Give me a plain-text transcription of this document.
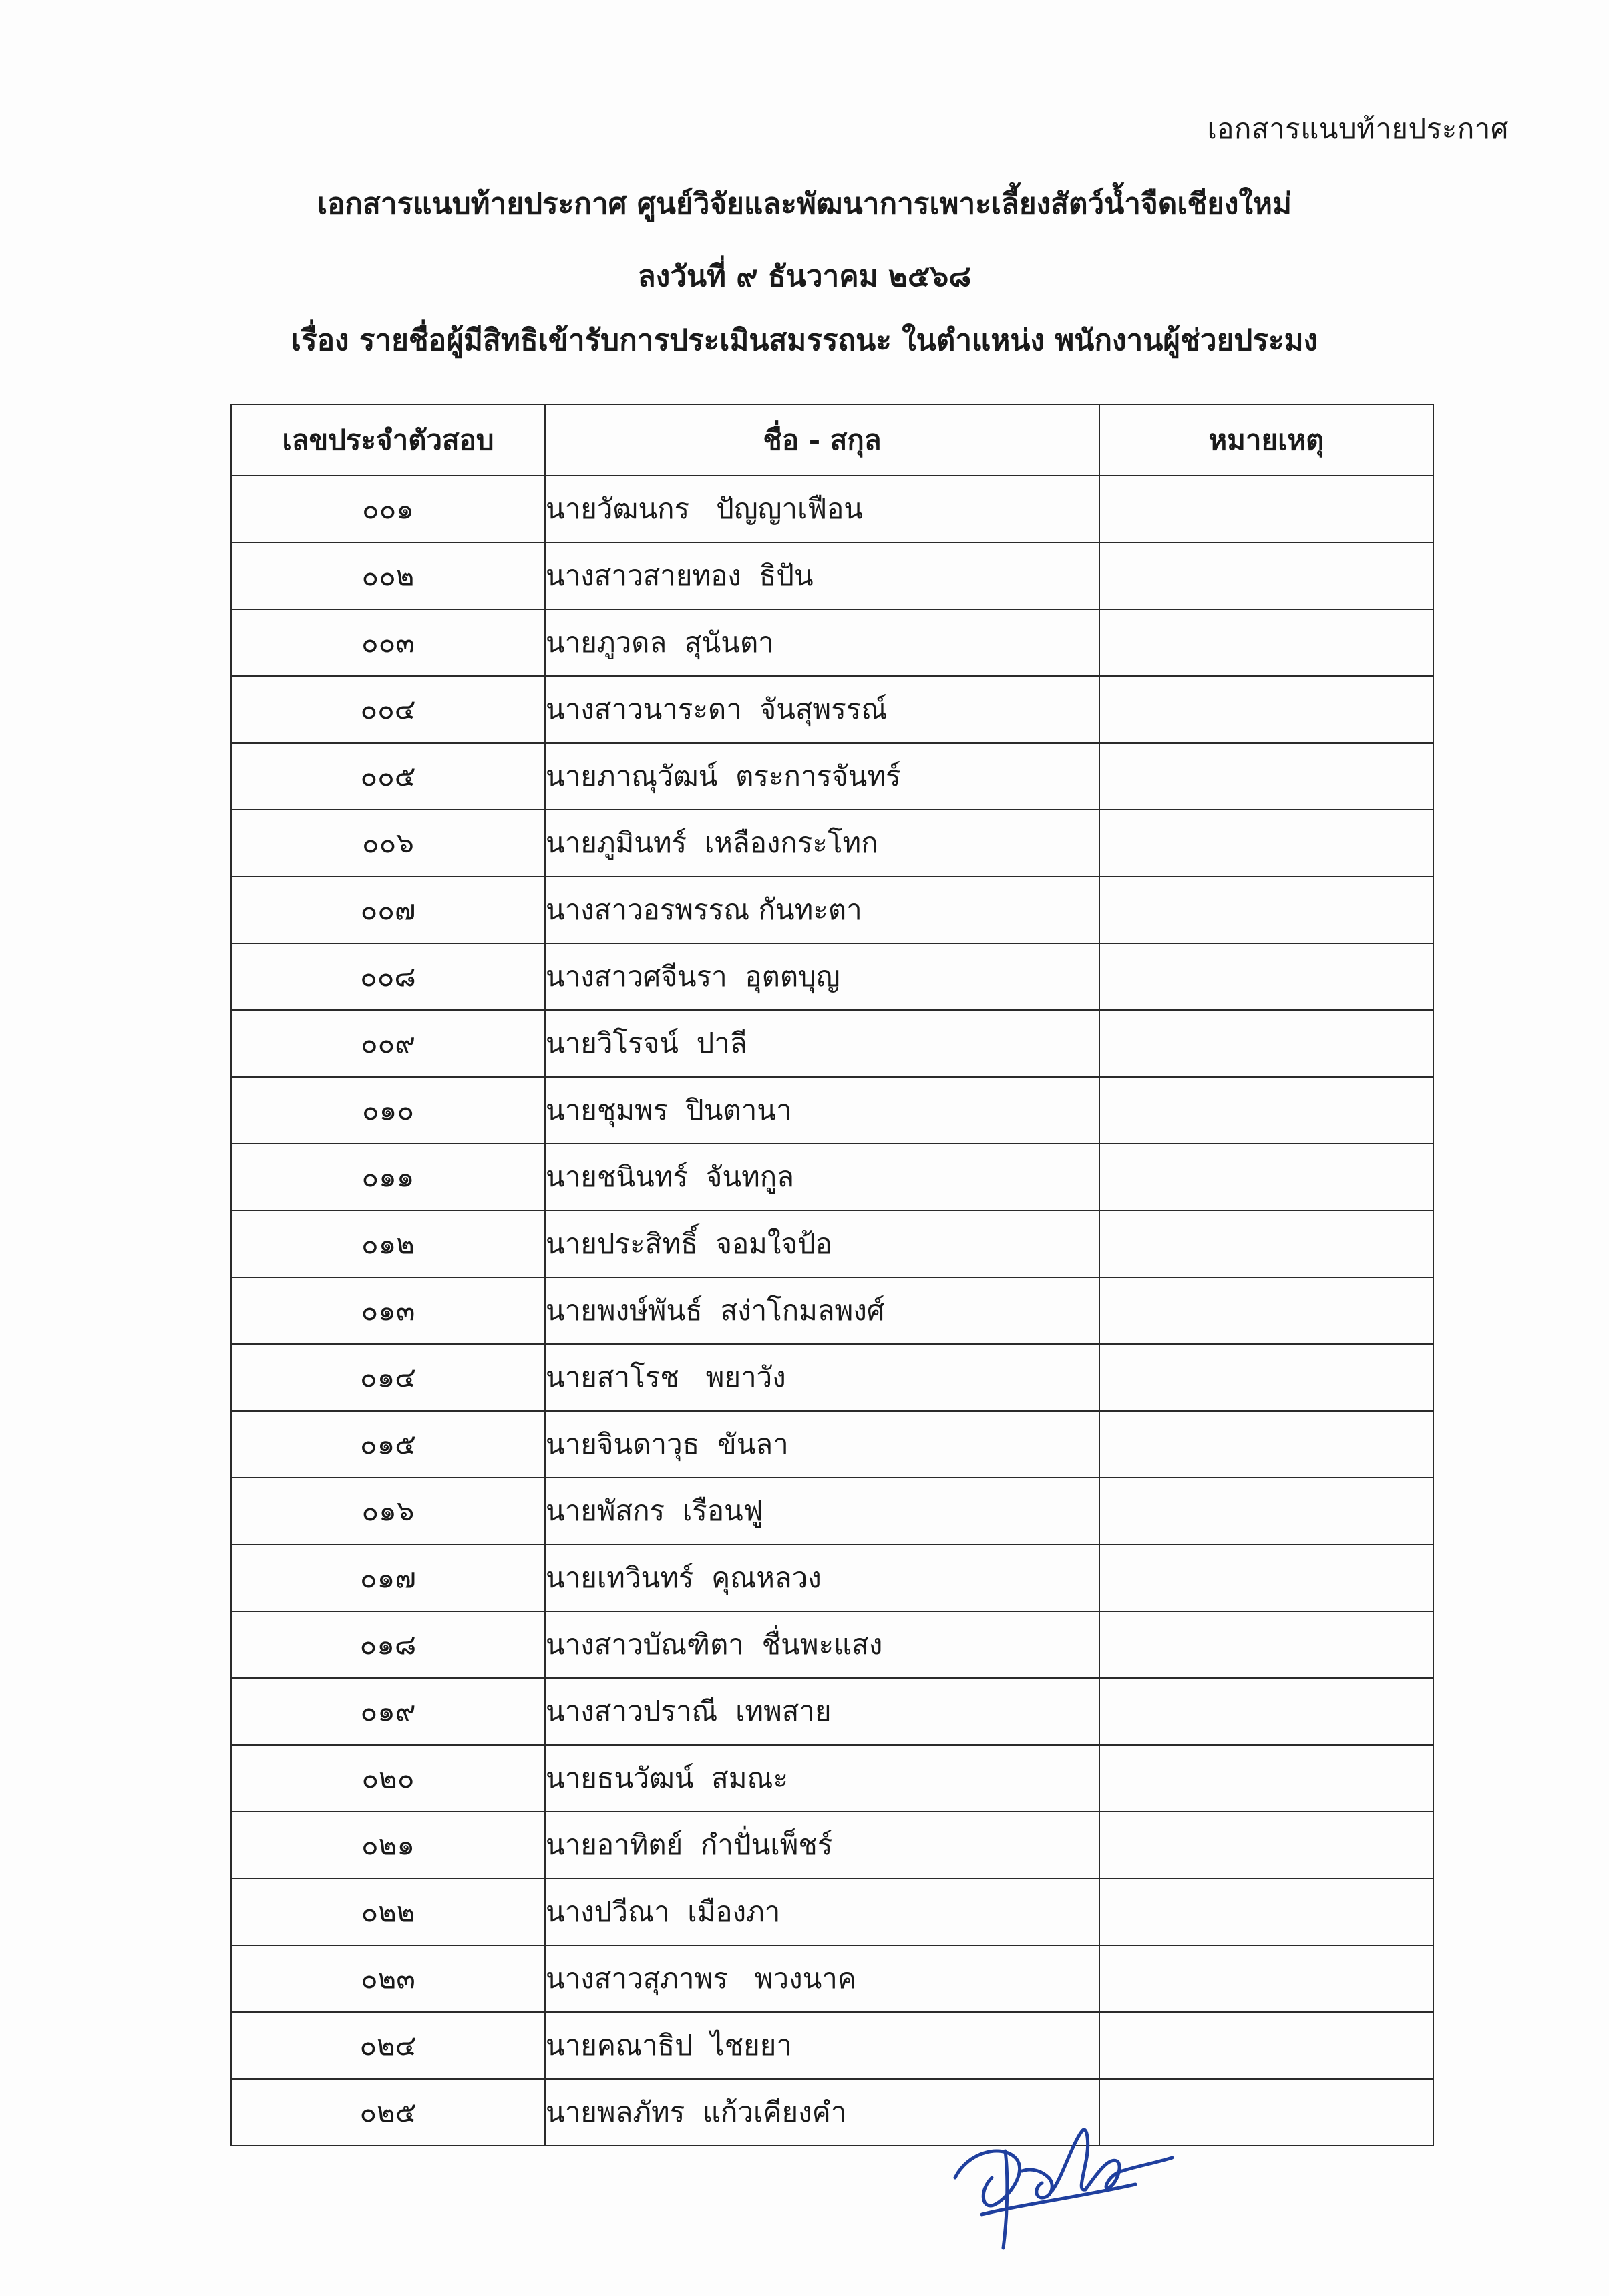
เอกสารแนบท้ายประกาศ
เอกสารแนบท้ายประกาศ ศูนย์วิจัยและพัฒนาการเพาะเลี้ยงสัตว์น้ำจืดเชียงใหม่
ลงวันที่ ๙ ธันวาคม ๒๕๖๘
เรื่อง รายชื่อผู้มีสิทธิเข้ารับการประเมินสมรรถนะ ในตำแหน่ง พนักงานผู้ช่วยประมง
เลขประจำตัวสอบ	ชื่อ - สกุล	หมายเหตุ
๐๐๑	นายวัฒนกร   ปัญญาเฟือน	
๐๐๒	นางสาวสายทอง  ธิปัน	
๐๐๓	นายภูวดล  สุนันตา	
๐๐๔	นางสาวนาระดา  จันสุพรรณ์	
๐๐๕	นายภาณุวัฒน์  ตระการจันทร์	
๐๐๖	นายภูมินทร์  เหลืองกระโทก	
๐๐๗	นางสาวอรพรรณ กันทะตา	
๐๐๘	นางสาวศจีนรา  อุตตบุญ	
๐๐๙	นายวิโรจน์  ปาลี	
๐๑๐	นายชุมพร  ปินตานา	
๐๑๑	นายชนินทร์  จันทกูล	
๐๑๒	นายประสิทธิ์  จอมใจป้อ	
๐๑๓	นายพงษ์พันธ์  สง่าโกมลพงศ์	
๐๑๔	นายสาโรช   พยาวัง	
๐๑๕	นายจินดาวุธ  ขันลา	
๐๑๖	นายพัสกร  เรือนฟู	
๐๑๗	นายเทวินทร์  คุณหลวง	
๐๑๘	นางสาวบัณฑิตา  ชื่นพะแสง	
๐๑๙	นางสาวปราณี  เทพสาย	
๐๒๐	นายธนวัฒน์  สมณะ	
๐๒๑	นายอาทิตย์  กำปั่นเพ็ชร์	
๐๒๒	นางปวีณา  เมืองภา	
๐๒๓	นางสาวสุภาพร   พวงนาค	
๐๒๔	นายคณาธิป  ไชยยา	
๐๒๕	นายพลภัทร  แก้วเคียงคำ	
